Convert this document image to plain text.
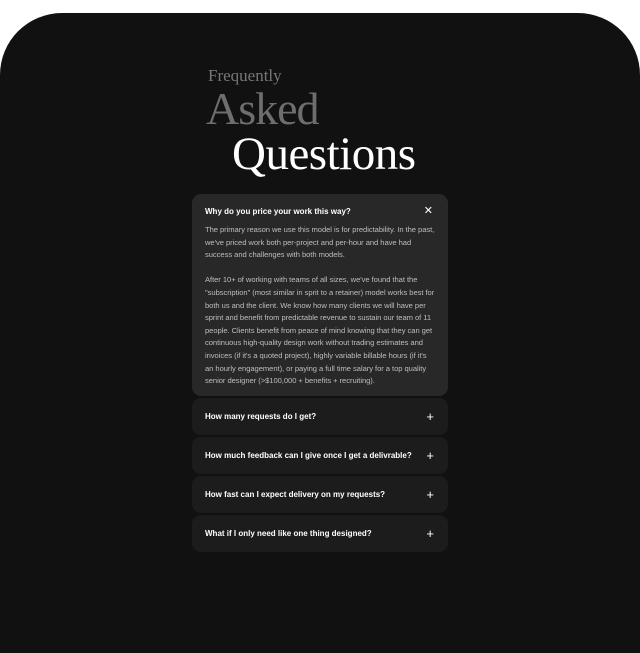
Frequently
Asked
Questions
Why do you price your work this way?	✕

The primary reason we use this model is for predictability. In the past, we've priced work both per-project and per-hour and have had success and challenges with both models.

After 10+ of working with teams of all sizes, we've found that the "subscription" (most similar in sprit to a retainer) model works best for both us and the client. We know how many clients we will have per sprint and benefit from predictable revenue to sustain our team of 11 people. Clients benefit from peace of mind knowing that they can get continuous high-quality design work without trading estimates and invoices (if it's a quoted project), highly variable billable hours (if it's an hourly engagement), or paying a full time salary for a top quality senior designer (>$100,000 + benefits + recruiting).

How many requests do I get?	+
How much feedback can I give once I get a delivrable? +
How fast can I expect delivery on my requests?	+
What if I only need like one thing designed?	+
